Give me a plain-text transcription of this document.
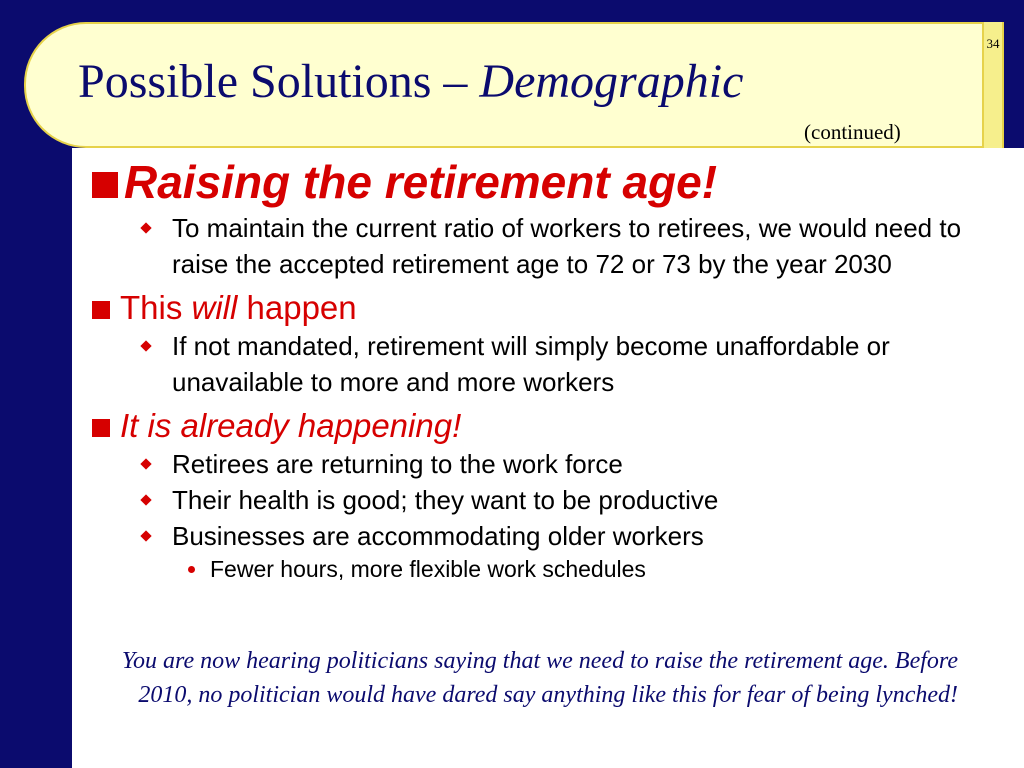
34
Possible Solutions – Demographic
(continued)
Raising the retirement age!
To maintain the current ratio of workers to retirees, we would need to raise the accepted retirement age to 72 or 73 by the year 2030
This will happen
If not mandated, retirement will simply become unaffordable or unavailable to more and more workers
It is already happening!
Retirees are returning to the work force
Their health is good; they want to be productive
Businesses are accommodating older workers
Fewer hours, more flexible work schedules
You are now hearing politicians saying that we need to raise the retirement age. Before 2010, no politician would have dared say anything like this for fear of being lynched!
